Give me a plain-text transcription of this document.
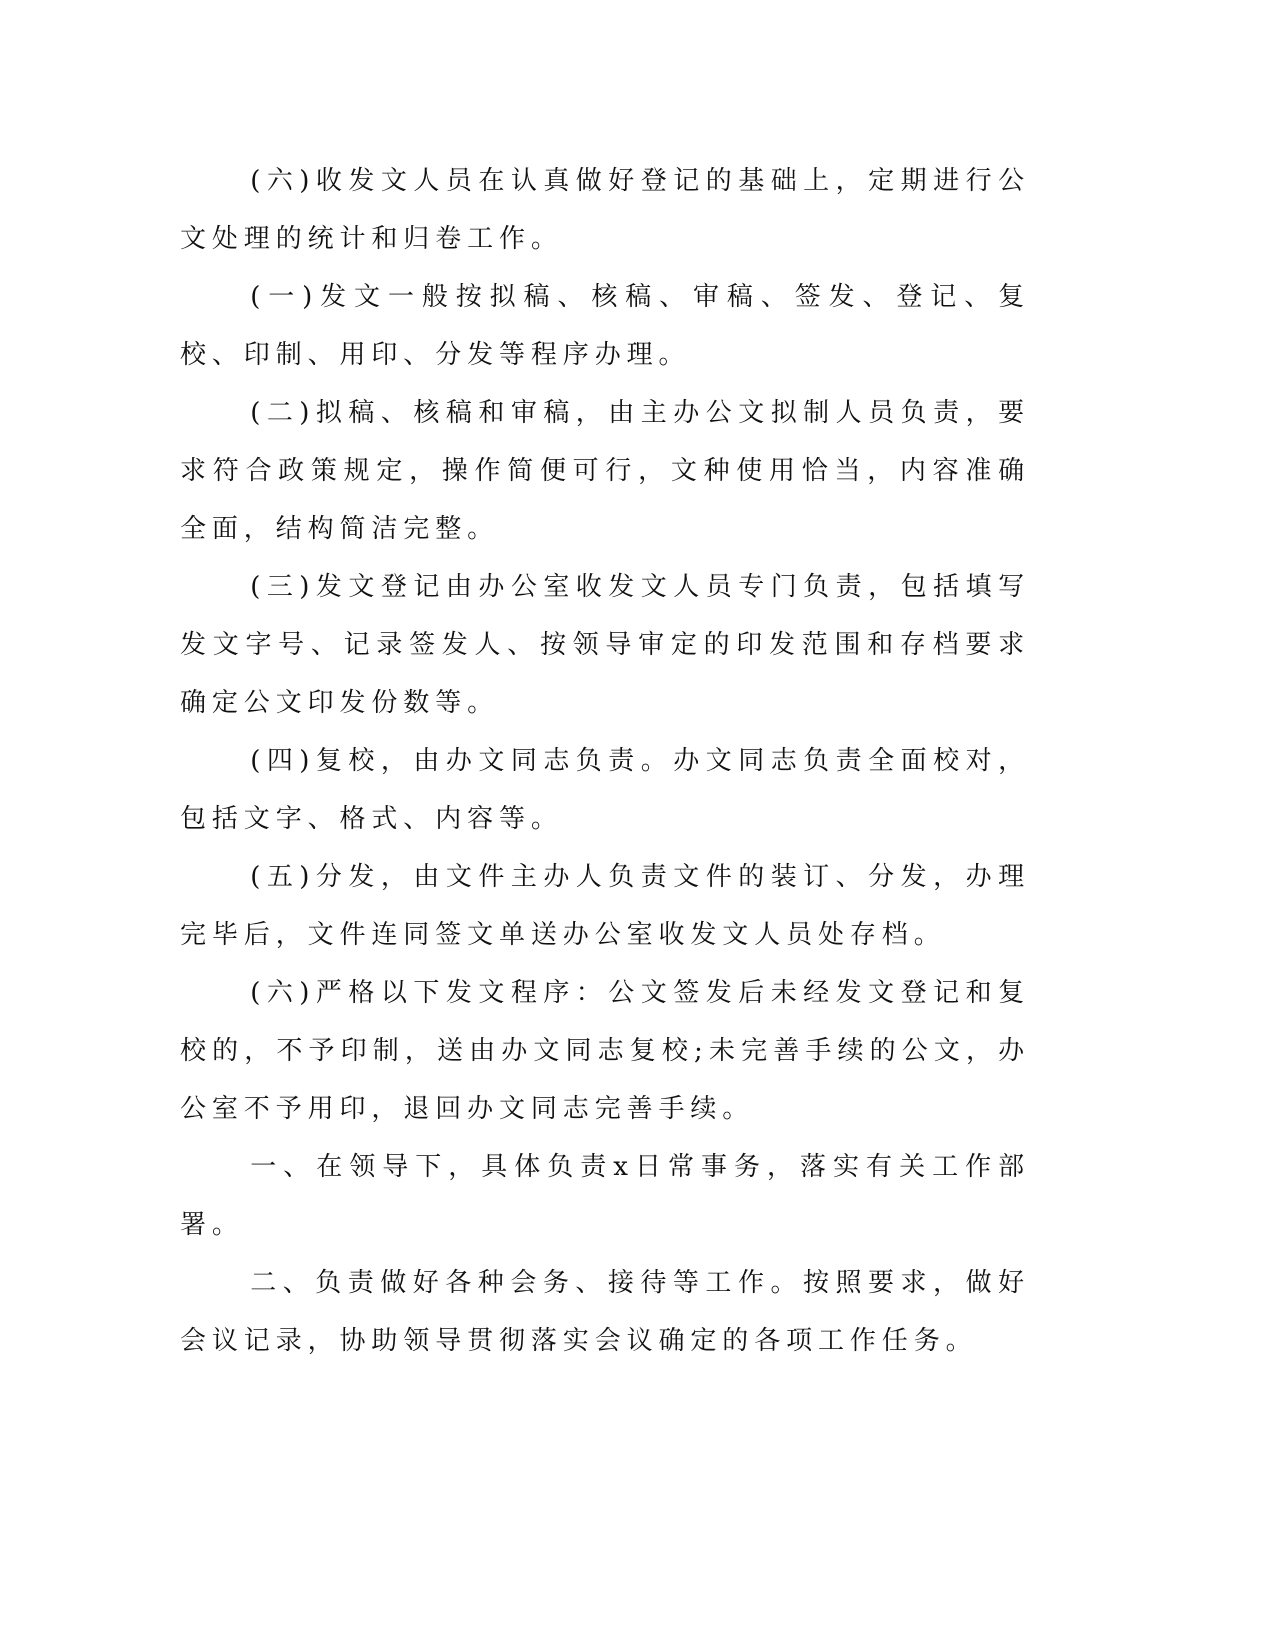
(六)收发文人员在认真做好登记的基础上，定期进行公文处理的统计和归卷工作。

(一)发文一般按拟稿、核稿、审稿、签发、登记、复校、印制、用印、分发等程序办理。

(二)拟稿、核稿和审稿，由主办公文拟制人员负责，要求符合政策规定，操作简便可行，文种使用恰当，内容准确全面，结构简洁完整。

(三)发文登记由办公室收发文人员专门负责，包括填写发文字号、记录签发人、按领导审定的印发范围和存档要求确定公文印发份数等。

(四)复校，由办文同志负责。办文同志负责全面校对，包括文字、格式、内容等。

(五)分发，由文件主办人负责文件的装订、分发，办理完毕后，文件连同签文单送办公室收发文人员处存档。

(六)严格以下发文程序：公文签发后未经发文登记和复校的，不予印制，送由办文同志复校;未完善手续的公文，办公室不予用印，退回办文同志完善手续。

一、在领导下，具体负责x日常事务，落实有关工作部署。

二、负责做好各种会务、接待等工作。按照要求，做好会议记录，协助领导贯彻落实会议确定的各项工作任务。
